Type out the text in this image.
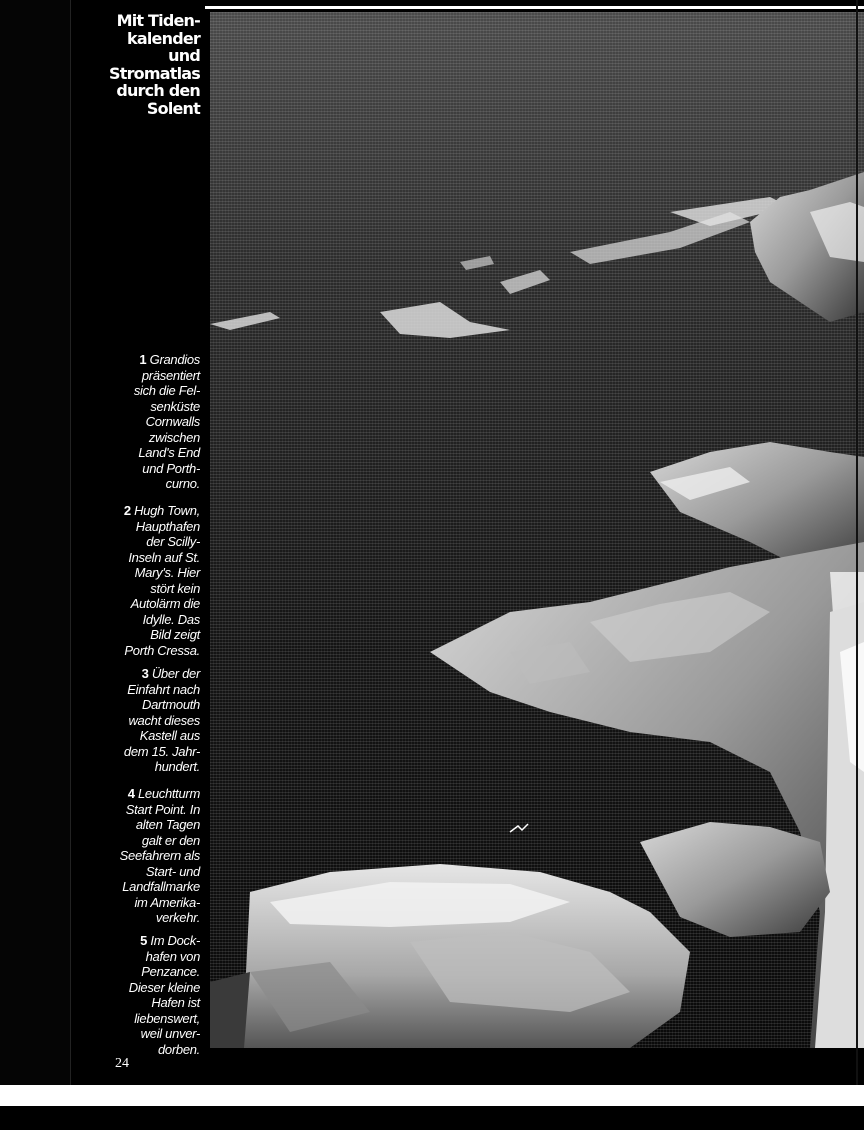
Mit Tiden-
kalender
und
Stromatlas
durch den
Solent
1 Grandios
präsentiert
sich die Fel-
senküste
Cornwalls
zwischen
Land's End
und Porth-
curno.
2 Hugh Town,
Haupthafen
der Scilly-
Inseln auf St.
Mary's. Hier
stört kein
Autolärm die
Idylle. Das
Bild zeigt
Porth Cressa.
3 Über der
Einfahrt nach
Dartmouth
wacht dieses
Kastell aus
dem 15. Jahr-
hundert.
4 Leuchtturm
Start Point. In
alten Tagen
galt er den
Seefahrern als
Start- und
Landfallmarke
im Amerika-
verkehr.
5 Im Dock-
hafen von
Penzance.
Dieser kleine
Hafen ist
liebenswert,
weil unver-
dorben.
24
